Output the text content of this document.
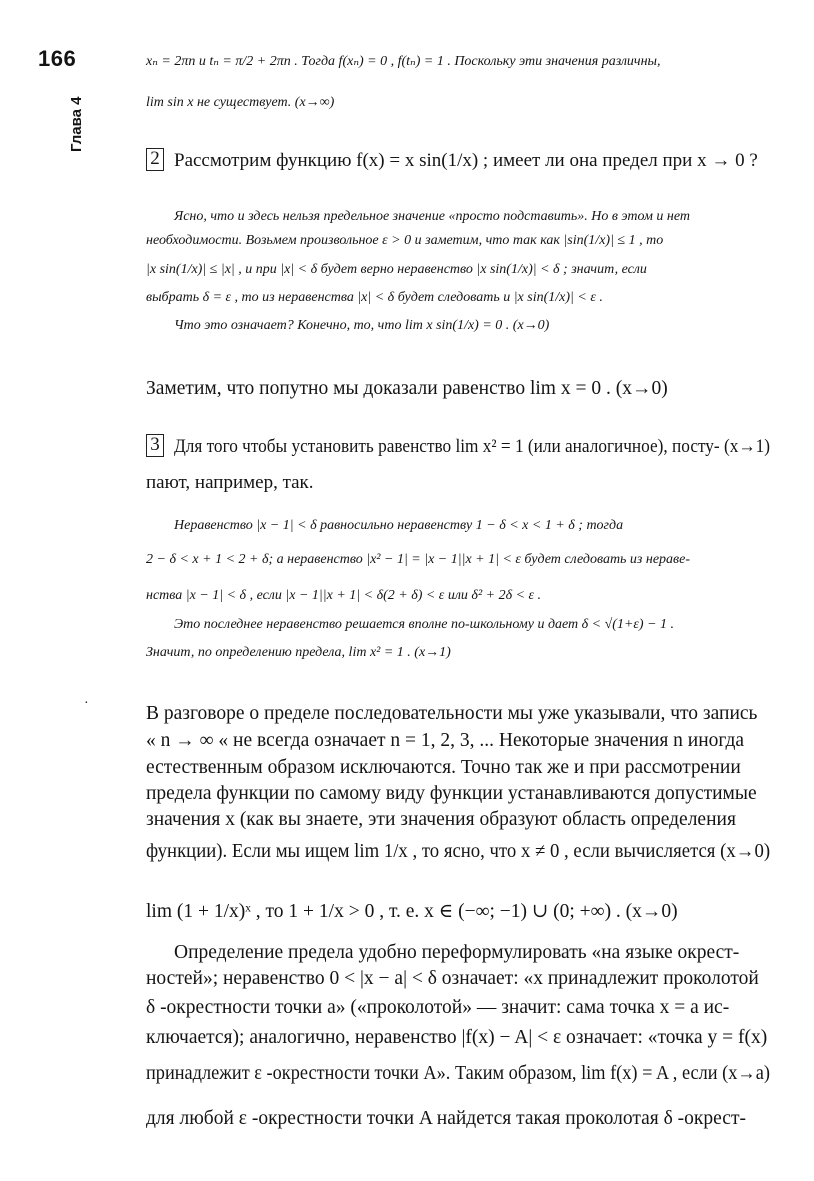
166
Глава 4
·
xₙ = 2πn и tₙ = π/2 + 2πn . Тогда f(xₙ) = 0 , f(tₙ) = 1 . Поскольку эти значения различны,
lim sin x не существует. (x→∞)
Рассмотрим функцию f(x) = x sin(1/x) ; имеет ли она предел при x → 0 ?
Ясно, что и здесь нельзя предельное значение «просто подставить». Но в этом и нет
необходимости. Возьмем произвольное ε > 0 и заметим, что так как |sin(1/x)| ≤ 1 , то
|x sin(1/x)| ≤ |x| , и при |x| < δ будет верно неравенство |x sin(1/x)| < δ ; значит, если
выбрать δ = ε , то из неравенства |x| < δ будет следовать и |x sin(1/x)| < ε .
Что это означает? Конечно, то, что lim x sin(1/x) = 0 . (x→0)
Заметим, что попутно мы доказали равенство lim x = 0 . (x→0)
Для того чтобы установить равенство lim x² = 1 (или аналогичное), посту- (x→1)
пают, например, так.
Неравенство |x − 1| < δ равносильно неравенству 1 − δ < x < 1 + δ ; тогда
2 − δ < x + 1 < 2 + δ; а неравенство |x² − 1| = |x − 1||x + 1| < ε будет следовать из нераве-
нства |x − 1| < δ , если |x − 1||x + 1| < δ(2 + δ) < ε или δ² + 2δ < ε .
Это последнее неравенство решается вполне по-школьному и дает δ < √(1+ε) − 1 .
Значит, по определению предела, lim x² = 1 . (x→1)
В разговоре о пределе последовательности мы уже указывали, что запись
« n → ∞ « не всегда означает n = 1, 2, 3, ... Некоторые значения n иногда
естественным образом исключаются. Точно так же и при рассмотрении
предела функции по самому виду функции устанавливаются допустимые
значения x (как вы знаете, эти значения образуют область определения
функции). Если мы ищем lim 1/x , то ясно, что x ≠ 0 , если вычисляется (x→0)
lim (1 + 1/x)ˣ , то 1 + 1/x > 0 , т. е. x ∈ (−∞; −1) ∪ (0; +∞) . (x→0)
Определение предела удобно переформулировать «на языке окрест-
ностей»; неравенство 0 < |x − a| < δ означает: «x принадлежит проколотой
δ -окрестности точки a» («проколотой» — значит: сама точка x = a ис-
ключается); аналогично, неравенство |f(x) − A| < ε означает: «точка y = f(x)
принадлежит ε -окрестности точки A». Таким образом, lim f(x) = A , если (x→a)
для любой ε -окрестности точки A найдется такая проколотая δ -окрест-
2
3
